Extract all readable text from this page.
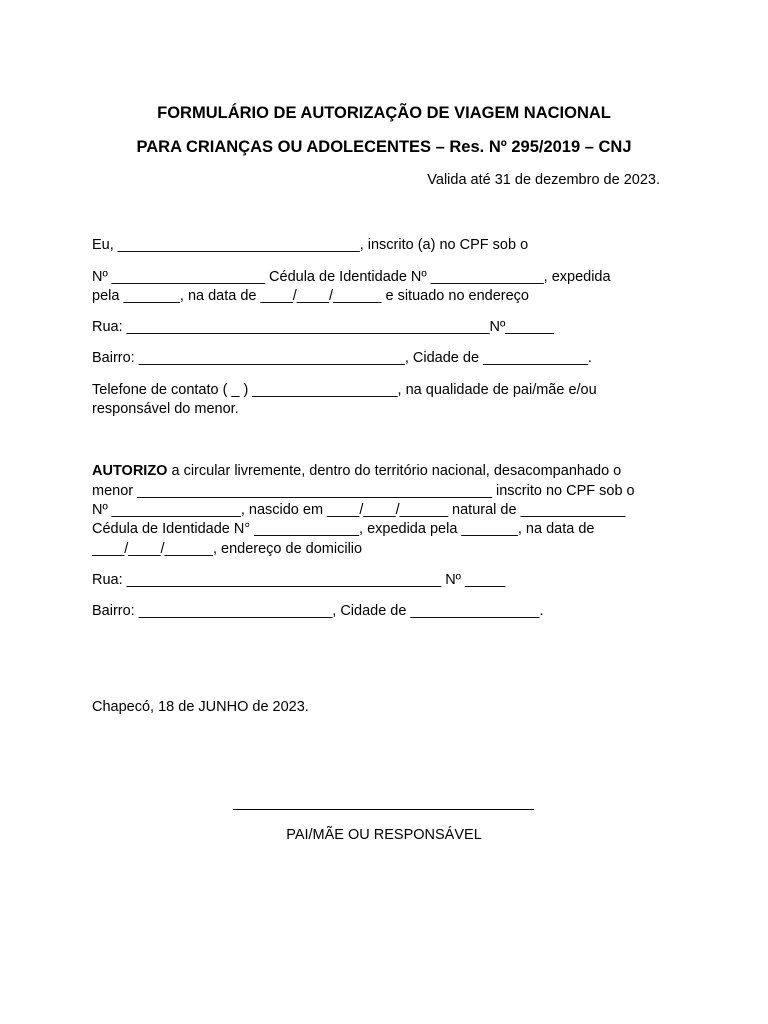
FORMULÁRIO DE AUTORIZAÇÃO DE VIAGEM NACIONAL
PARA CRIANÇAS OU ADOLECENTES – Res. Nº 295/2019 – CNJ
Valida até 31 de dezembro de 2023.
Eu, ______________________________, inscrito (a) no CPF sob o
Nº ___________________ Cédula de Identidade Nº ______________, expedida
pela _______, na data de ____/____/______ e situado no endereço
Rua: _____________________________________________Nº______
Bairro: _________________________________, Cidade de _____________.
Telefone de contato ( _ ) __________________, na qualidade de pai/mãe e/ou
responsável do menor.
AUTORIZO a circular livremente, dentro do território nacional, desacompanhado o
menor ____________________________________________ inscrito no CPF sob o
Nº ________________, nascido em ____/____/______ natural de _____________
Cédula de Identidade N° _____________, expedida pela _______, na data de
____/____/______, endereço de domicilio
Rua: _______________________________________ Nº _____
Bairro: ________________________, Cidade de ________________.
Chapecó, 18 de JUNHO de 2023.
PAI/MÃE OU RESPONSÁVEL
